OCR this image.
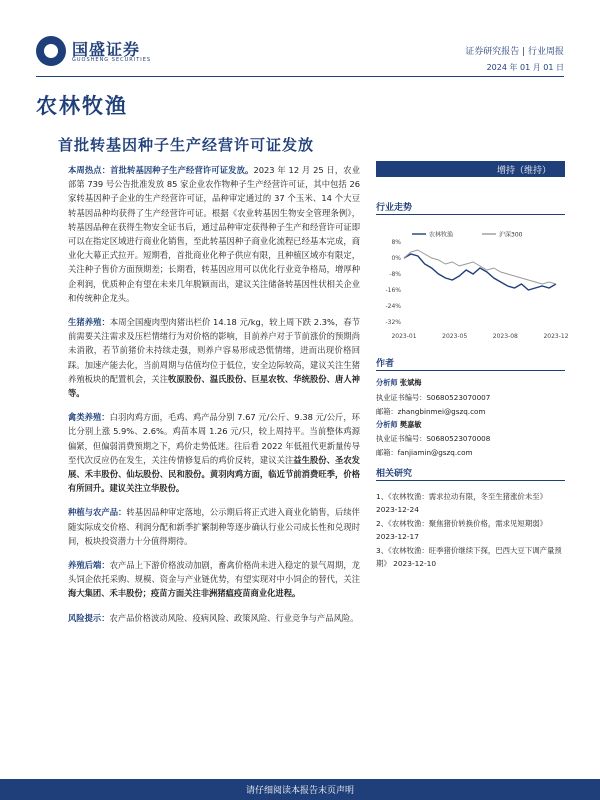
国盛证券
GUOSHENG SECURITIES
证券研究报告 | 行业周报
2024 年 01 月 01 日
农林牧渔
首批转基因种子生产经营许可证发放

本周热点：首批转基因种子生产经营许可证发放。2023 年 12 月 25 日，农业部第 739 号公告批准发放 85 家企业农作物种子生产经营许可证，其中包括 26 家转基因种子企业的生产经营许可证，品种审定通过的 37 个玉米、14 个大豆转基因品种均获得了生产经营许可证。根据《农业转基因生物安全管理条例》，转基因品种在获得生物安全证书后，通过品种审定获得种子生产和经营许可证即可以在指定区域进行商业化销售，至此转基因种子商业化流程已经基本完成，商业化大幕正式拉开。短期看，首批商业化种子供应有限，且种植区域亦有限定，关注种子售价方面预期差；长期看，转基因应用可以优化行业竞争格局，增厚种企利润，优质种企有望在未来几年脱颖而出，建议关注储备转基因性状相关企业和传统种企龙头。

生猪养殖：本周全国瘦肉型肉猪出栏价 14.18 元/kg，较上周下跌 2.3%，春节前需要关注需求及压栏情绪行为对价格的影响，目前养户对于节前涨价的预期尚未消散，若节前猪价未持续走强，则养户容易形成恐慌情绪，进而出现价格回踩。加速产能去化，当前周期与估值均位于低位，安全边际较高，建议关注生猪养殖板块的配置机会，关注牧原股份、温氏股份、巨星农牧、华统股份、唐人神等。

禽类养殖：白羽肉鸡方面，毛鸡、鸡产品分别 7.67 元/公斤、9.38 元/公斤，环比分别上涨 5.9%、2.6%。鸡苗本周 1.26 元/只，较上周持平。当前整体鸡源偏紧，但偏弱消费预期之下，鸡价走势低迷。往后看 2022 年低祖代更新量传导至代次反应仍在发生，关注传情修复后的鸡价反转，建议关注益生股份、圣农发展、禾丰股份、仙坛股份、民和股份。黄羽肉鸡方面，临近节前消费旺季，价格有所回升。建议关注立华股份。

种植与农产品：转基因品种审定落地，公示期后将正式进入商业化销售，后续伴随实际成交价格、利润分配和新季扩繁制种等逐步确认行业公司成长性和兑现时间，板块投资潜力十分值得期待。

养殖后端：农产品上下游价格波动加剧，畜禽价格尚未进入稳定的景气周期，龙头饲企依托采购、规模、资金与产业链优势，有望实现对中小饲企的替代，关注海大集团、禾丰股份；疫苗方面关注非洲猪瘟疫苗商业化进程。

风险提示：农产品价格波动风险、疫病风险、政策风险、行业竞争与产品风险。

增持（维持）
行业走势
8%
0%
-8%
-16%
-24%
-32%
2023-01	2023-05	2023-08	2023-12
农林牧渔	沪深300
作者
分析师 张斌梅
执业证书编号：S0680523070007
邮箱：zhangbinmei@gszq.com
分析师 樊嘉敏
执业证书编号：S0680523070008
邮箱：fanjiamin@gszq.com
相关研究
1、《农林牧渔：需求拉动有限，冬至生猪涨价未至》 2023-12-24
2、《农林牧渔：聚焦猪价转换价格，需求见短期弱》 2023-12-17
3、《农林牧渔：旺季猪价继续下探，巴西大豆下调产量预期》 2023-12-10
请仔细阅读本报告末页声明
